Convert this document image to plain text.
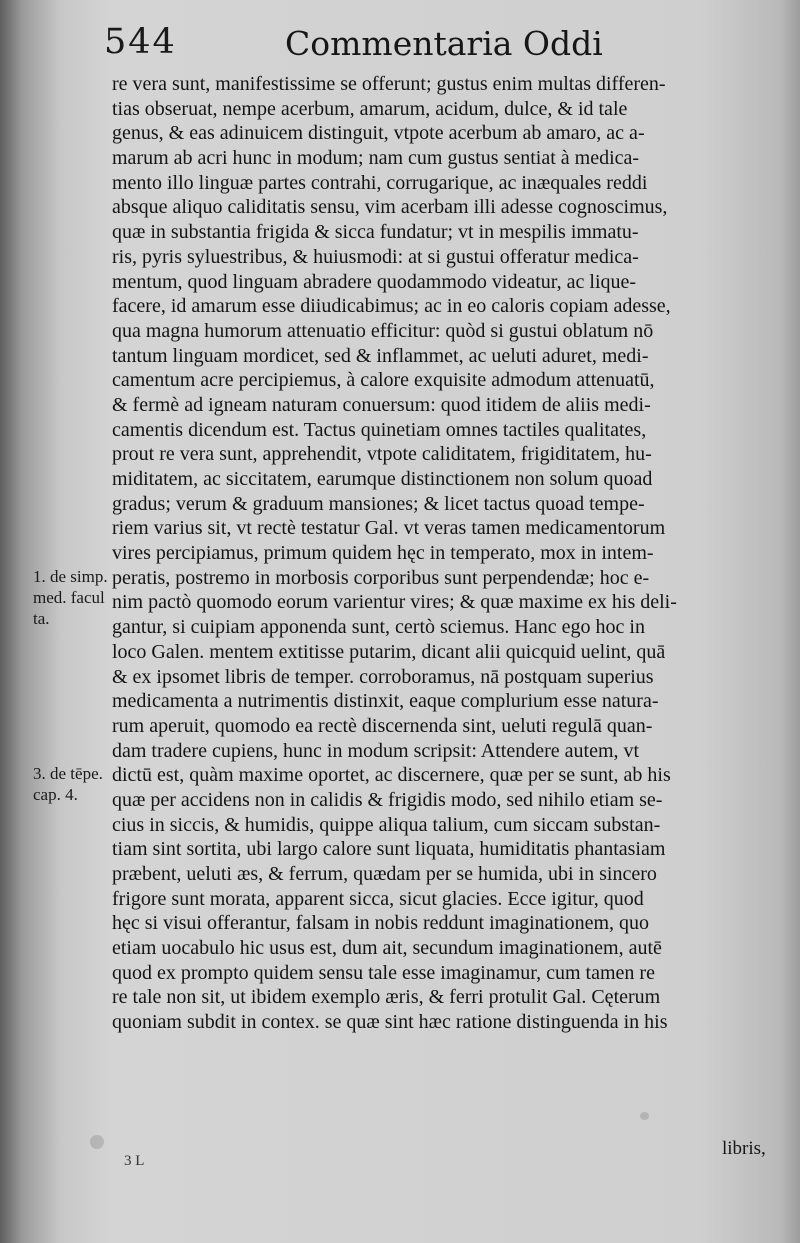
544	Commentaria Oddi
re vera sunt, manifestissime se offerunt; gustus enim multas differen-
tias obseruat, nempe acerbum, amarum, acidum, dulce, & id tale
genus, & eas adinuicem distinguit, vtpote acerbum ab amaro, ac a-
marum ab acri hunc in modum; nam cum gustus sentiat à medica-
mento illo linguæ partes contrahi, corrugarique, ac inæquales reddi
absque aliquo caliditatis sensu, vim acerbam illi adesse cognoscimus,
quæ in substantia frigida & sicca fundatur; vt in mespilis immatu-
ris, pyris syluestribus, & huiusmodi: at si gustui offeratur medica-
mentum, quod linguam abradere quodammodo videatur, ac lique-
facere, id amarum esse diiudicabimus; ac in eo caloris copiam adesse,
qua magna humorum attenuatio efficitur: quòd si gustui oblatum nō
tantum linguam mordicet, sed & inflammet, ac ueluti aduret, medi-
camentum acre percipiemus, à calore exquisite admodum attenuatū,
& fermè ad igneam naturam conuersum: quod itidem de aliis medi-
camentis dicendum est. Tactus quinetiam omnes tactiles qualitates,
prout re vera sunt, apprehendit, vtpote caliditatem, frigiditatem, hu-
miditatem, ac siccitatem, earumque distinctionem non solum quoad
gradus; verum & graduum mansiones; & licet tactus quoad tempe-
riem varius sit, vt rectè testatur Gal. vt veras tamen medicamentorum
vires percipiamus, primum quidem hęc in temperato, mox in intem-
peratis, postremo in morbosis corporibus sunt perpendendæ; hoc e-
nim pactò quomodo eorum varientur vires; & quæ maxime ex his deli-
gantur, si cuipiam apponenda sunt, certò sciemus. Hanc ego hoc in
loco Galen. mentem extitisse putarim, dicant alii quicquid uelint, quā
& ex ipsomet libris de temper. corroboramus, nā postquam superius
medicamenta a nutrimentis distinxit, eaque complurium esse natura-
rum aperuit, quomodo ea rectè discernenda sint, ueluti regulā quan-
dam tradere cupiens, hunc in modum scripsit: Attendere autem, vt
dictū est, quàm maxime oportet, ac discernere, quæ per se sunt, ab his
quæ per accidens non in calidis & frigidis modo, sed nihilo etiam se-
cius in siccis, & humidis, quippe aliqua talium, cum siccam substan-
tiam sint sortita, ubi largo calore sunt liquata, humiditatis phantasiam
præbent, ueluti æs, & ferrum, quædam per se humida, ubi in sincero
frigore sunt morata, apparent sicca, sicut glacies. Ecce igitur, quod
hęc si visui offerantur, falsam in nobis reddunt imaginationem, quo
etiam uocabulo hic usus est, dum ait, secundum imaginationem, autē
quod ex prompto quidem sensu tale esse imaginamur, cum tamen re
re tale non sit, ut ibidem exemplo æris, & ferri protulit Gal. Cęterum
quoniam subdit in contex. se quæ sint hæc ratione distinguenda in his
1. de simp.
med. facul
ta.
3. de tēpe.
cap. 4.
3 L
libris,
